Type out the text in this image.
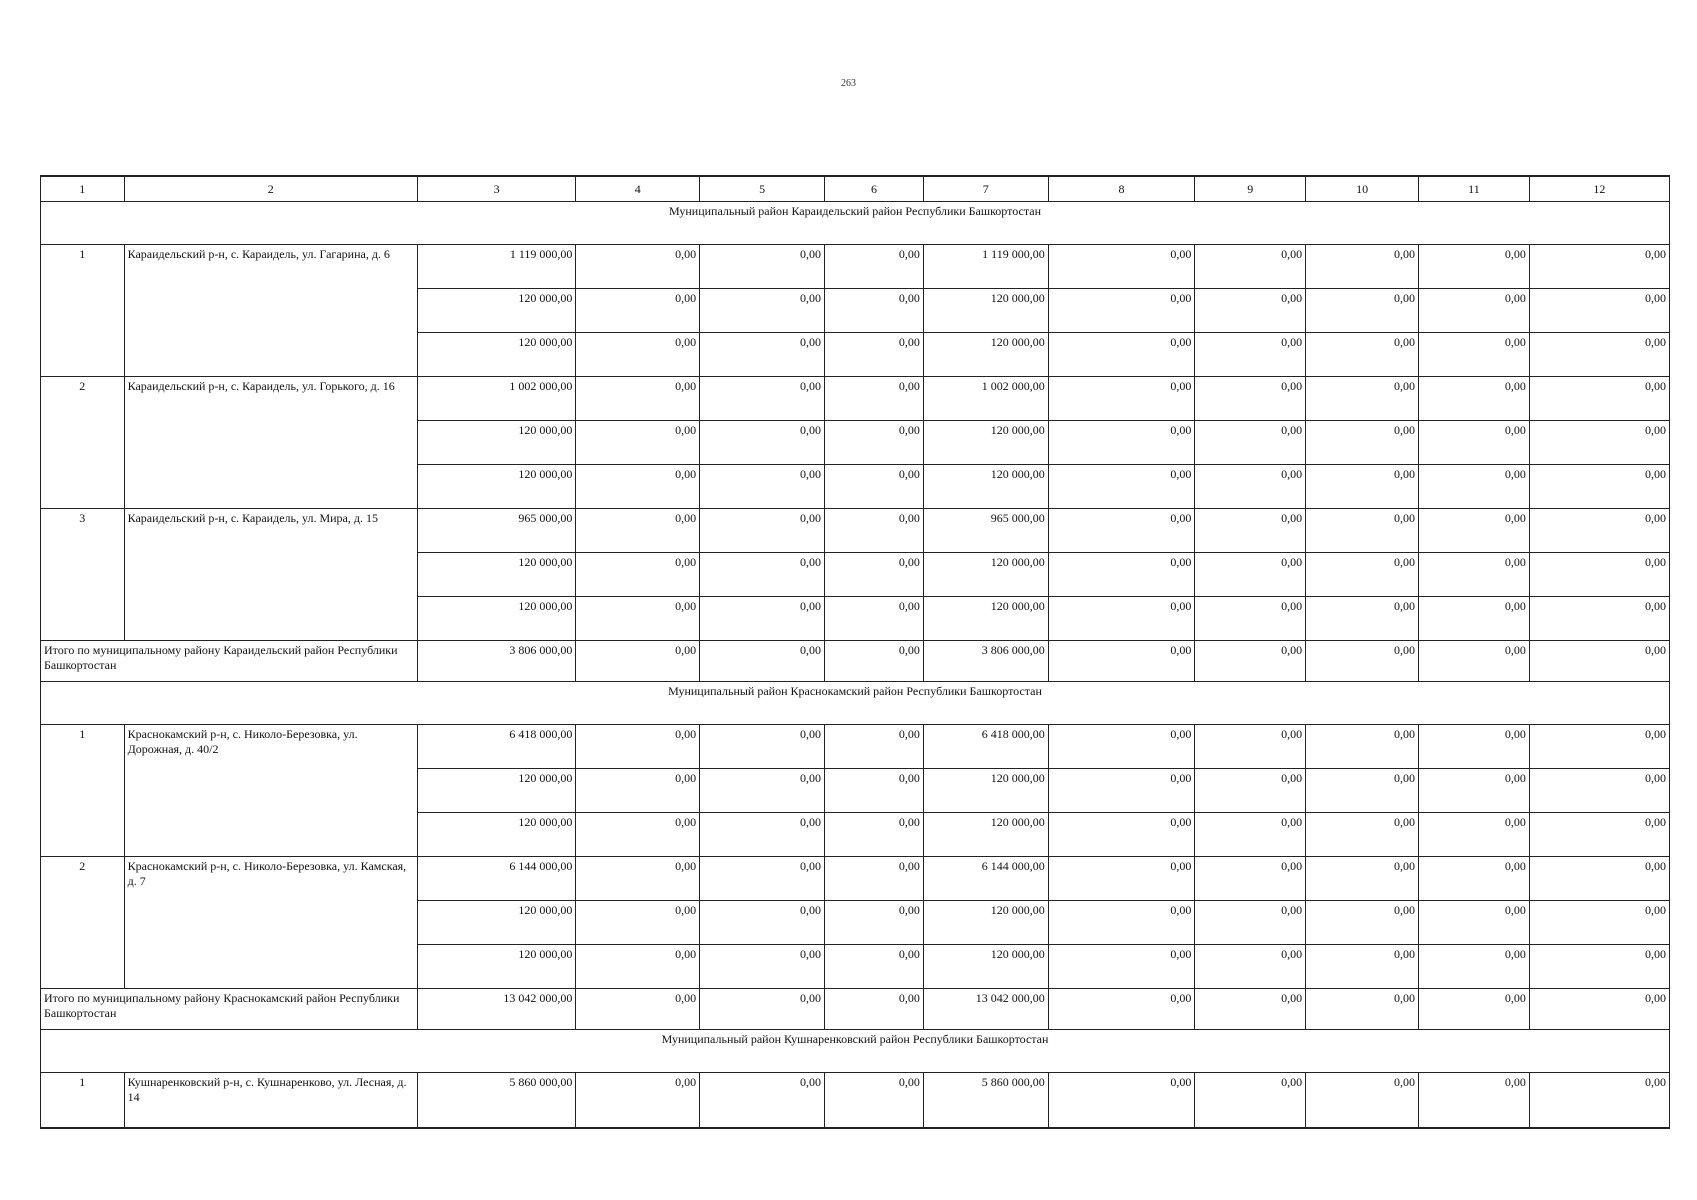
263
1	2	3	4	5	6	7	8	9	10	11	12
Муниципальный район Караидельский район Республики Башкортостан											
1	Караидельский р-н, с. Караидель, ул. Гагарина, д. 6	1 119 000,00	0,00	0,00	0,00	1 119 000,00	0,00	0,00	0,00	0,00	0,00
		120 000,00	0,00	0,00	0,00	120 000,00	0,00	0,00	0,00	0,00	0,00
		120 000,00	0,00	0,00	0,00	120 000,00	0,00	0,00	0,00	0,00	0,00
2	Караидельский р-н, с. Караидель, ул. Горького, д. 16	1 002 000,00	0,00	0,00	0,00	1 002 000,00	0,00	0,00	0,00	0,00	0,00
		120 000,00	0,00	0,00	0,00	120 000,00	0,00	0,00	0,00	0,00	0,00
		120 000,00	0,00	0,00	0,00	120 000,00	0,00	0,00	0,00	0,00	0,00
3	Караидельский р-н, с. Караидель, ул. Мира, д. 15	965 000,00	0,00	0,00	0,00	965 000,00	0,00	0,00	0,00	0,00	0,00
		120 000,00	0,00	0,00	0,00	120 000,00	0,00	0,00	0,00	0,00	0,00
		120 000,00	0,00	0,00	0,00	120 000,00	0,00	0,00	0,00	0,00	0,00
Итого по муниципальному району Караидельский район Республики Башкортостан		3 806 000,00	0,00	0,00	0,00	3 806 000,00	0,00	0,00	0,00	0,00	0,00
Муниципальный район Краснокамский район Республики Башкортостан											
1	Краснокамский р-н, с. Николо-Березовка, ул. Дорожная, д. 40/2	6 418 000,00	0,00	0,00	0,00	6 418 000,00	0,00	0,00	0,00	0,00	0,00
		120 000,00	0,00	0,00	0,00	120 000,00	0,00	0,00	0,00	0,00	0,00
		120 000,00	0,00	0,00	0,00	120 000,00	0,00	0,00	0,00	0,00	0,00
2	Краснокамский р-н, с. Николо-Березовка, ул. Камская, д. 7	6 144 000,00	0,00	0,00	0,00	6 144 000,00	0,00	0,00	0,00	0,00	0,00
		120 000,00	0,00	0,00	0,00	120 000,00	0,00	0,00	0,00	0,00	0,00
		120 000,00	0,00	0,00	0,00	120 000,00	0,00	0,00	0,00	0,00	0,00
Итого по муниципальному району Краснокамский район Республики Башкортостан		13 042 000,00	0,00	0,00	0,00	13 042 000,00	0,00	0,00	0,00	0,00	0,00
Муниципальный район Кушнаренковский район Республики Башкортостан											
1	Кушнаренковский р-н, с. Кушнаренково, ул. Лесная, д. 14	5 860 000,00	0,00	0,00	0,00	5 860 000,00	0,00	0,00	0,00	0,00	0,00
